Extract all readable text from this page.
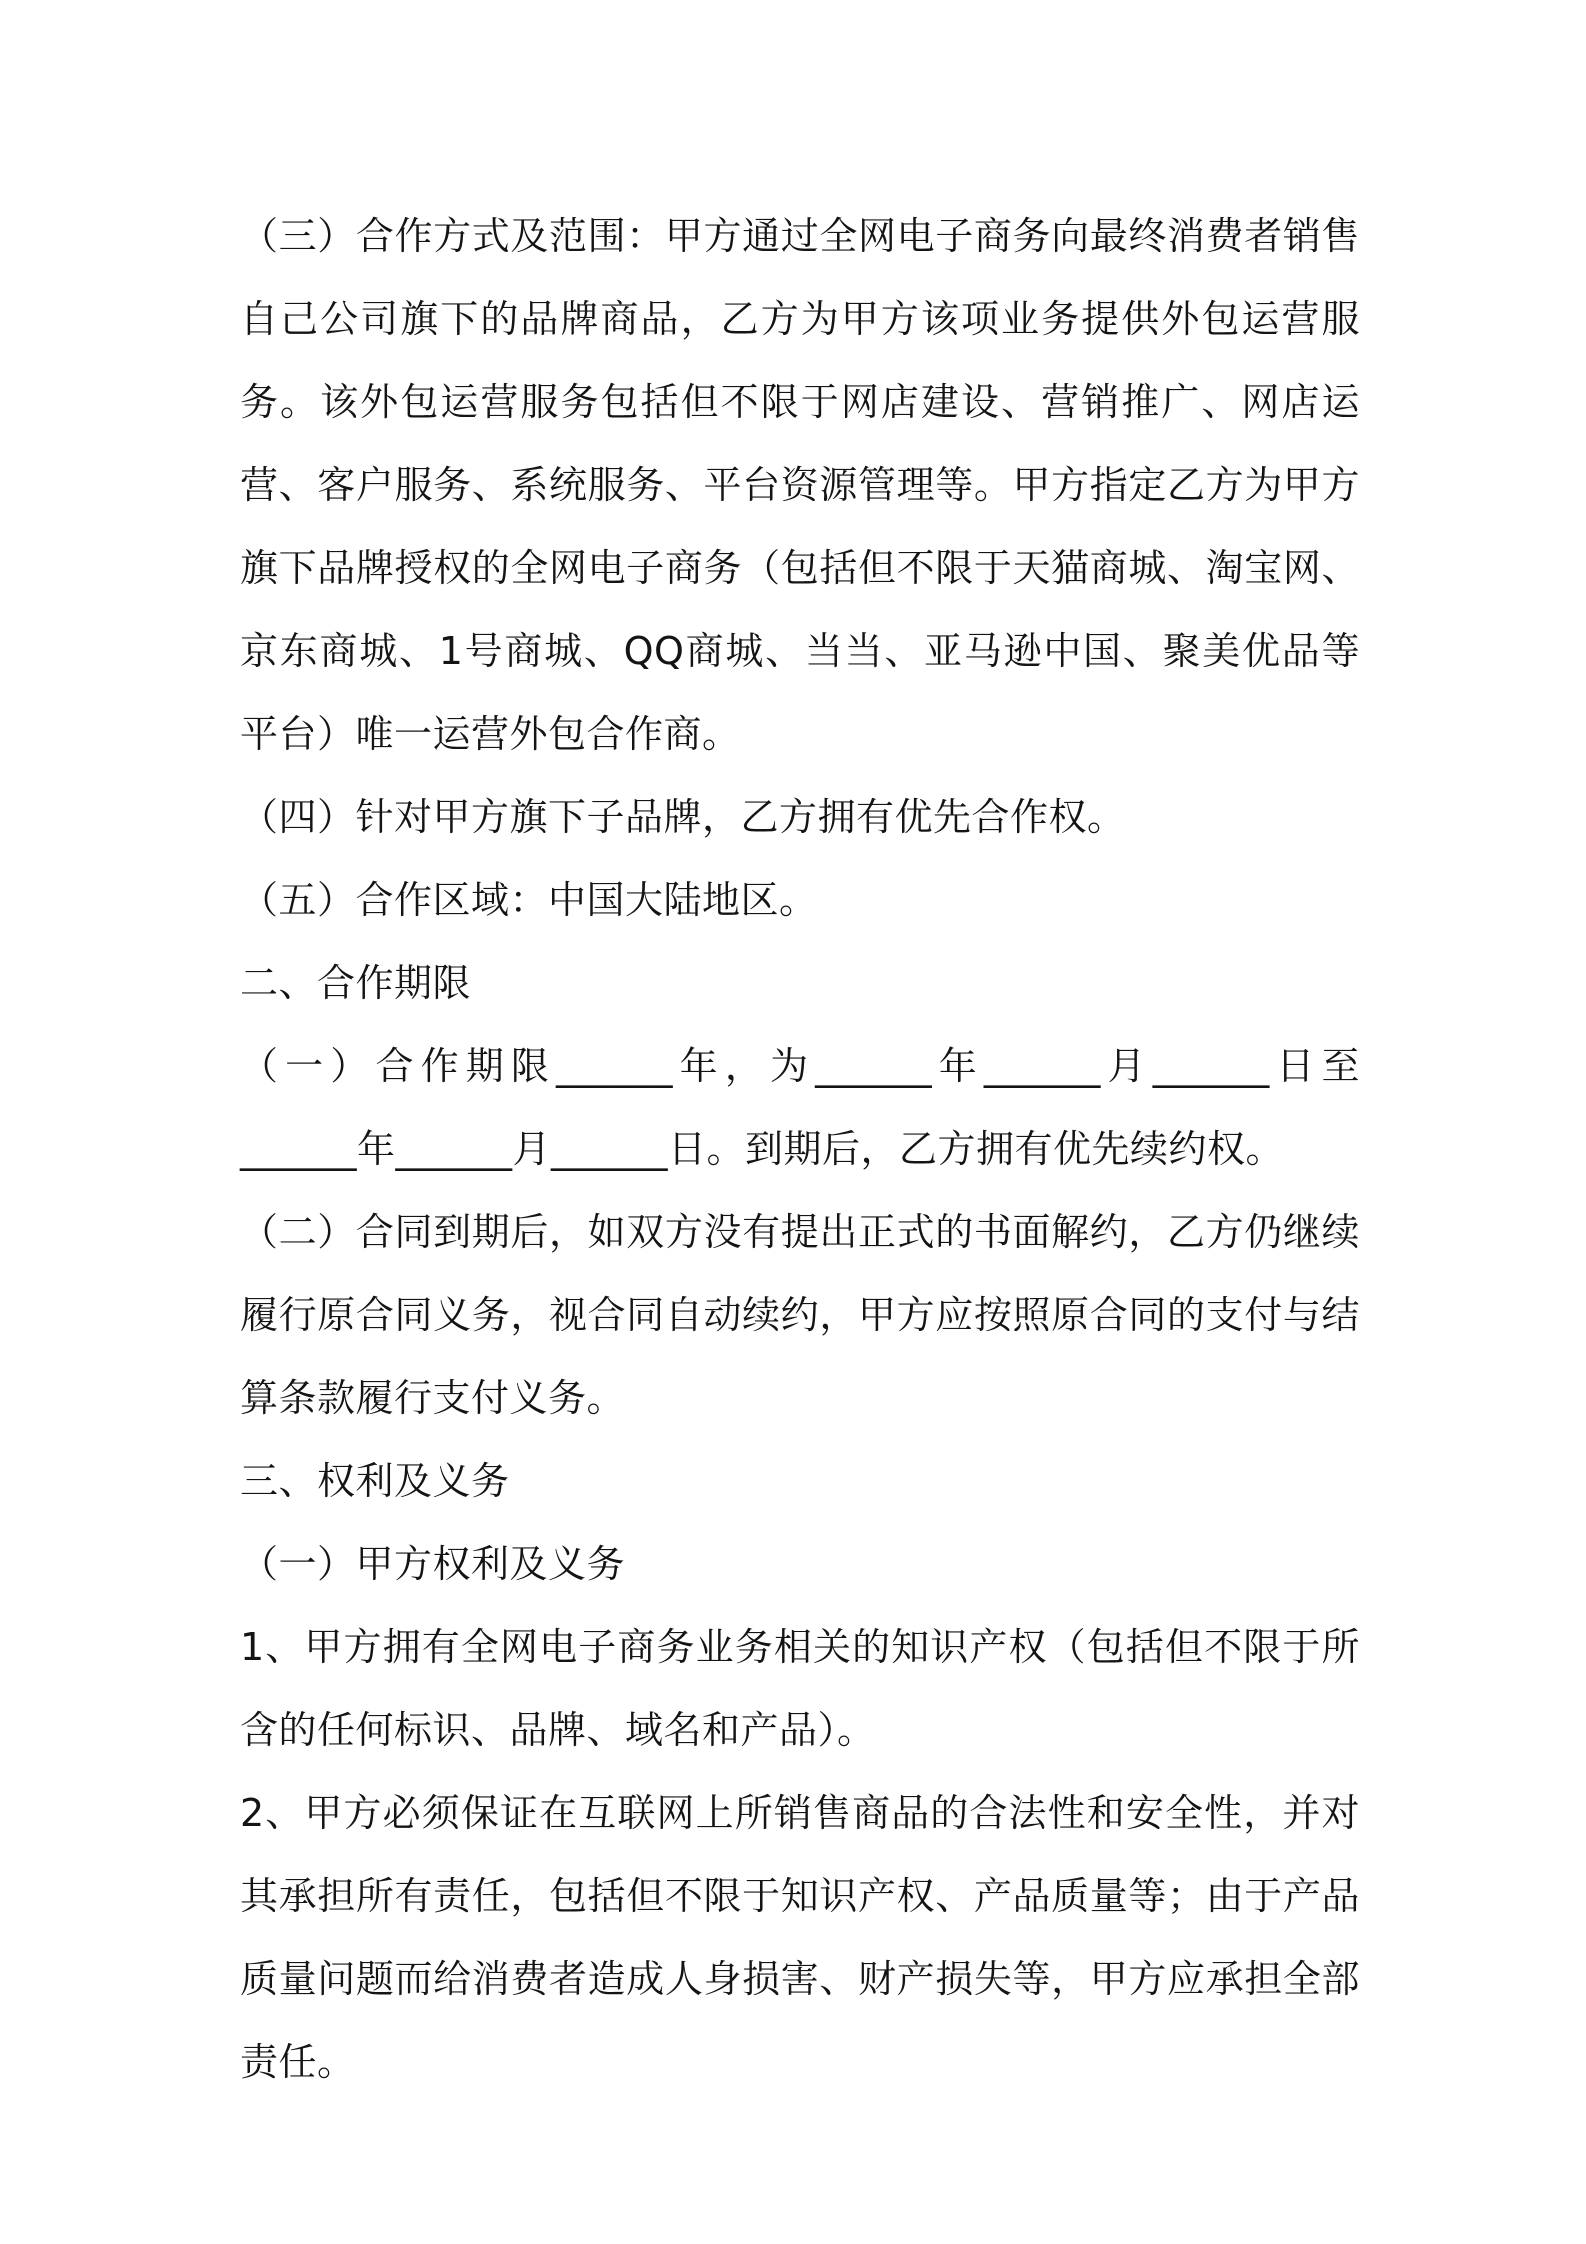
（三）合作方式及范围：甲方通过全网电子商务向最终消费者销售自己公司旗下的品牌商品，乙方为甲方该项业务提供外包运营服务。该外包运营服务包括但不限于网店建设、营销推广、网店运营、客户服务、系统服务、平台资源管理等。甲方指定乙方为甲方旗下品牌授权的全网电子商务（包括但不限于天猫商城、淘宝网、京东商城、1号商城、QQ商城、当当、亚马逊中国、聚美优品等平台）唯一运营外包合作商。

（四）针对甲方旗下子品牌，乙方拥有优先合作权。

（五）合作区域：中国大陆地区。

二、合作期限

（一）合作期限______年，为______年______月______日至______年______月______日。到期后，乙方拥有优先续约权。

（二）合同到期后，如双方没有提出正式的书面解约，乙方仍继续履行原合同义务，视合同自动续约，甲方应按照原合同的支付与结算条款履行支付义务。

三、权利及义务

（一）甲方权利及义务

1、甲方拥有全网电子商务业务相关的知识产权（包括但不限于所含的任何标识、品牌、域名和产品）。

2、甲方必须保证在互联网上所销售商品的合法性和安全性，并对其承担所有责任，包括但不限于知识产权、产品质量等；由于产品质量问题而给消费者造成人身损害、财产损失等，甲方应承担全部责任。
